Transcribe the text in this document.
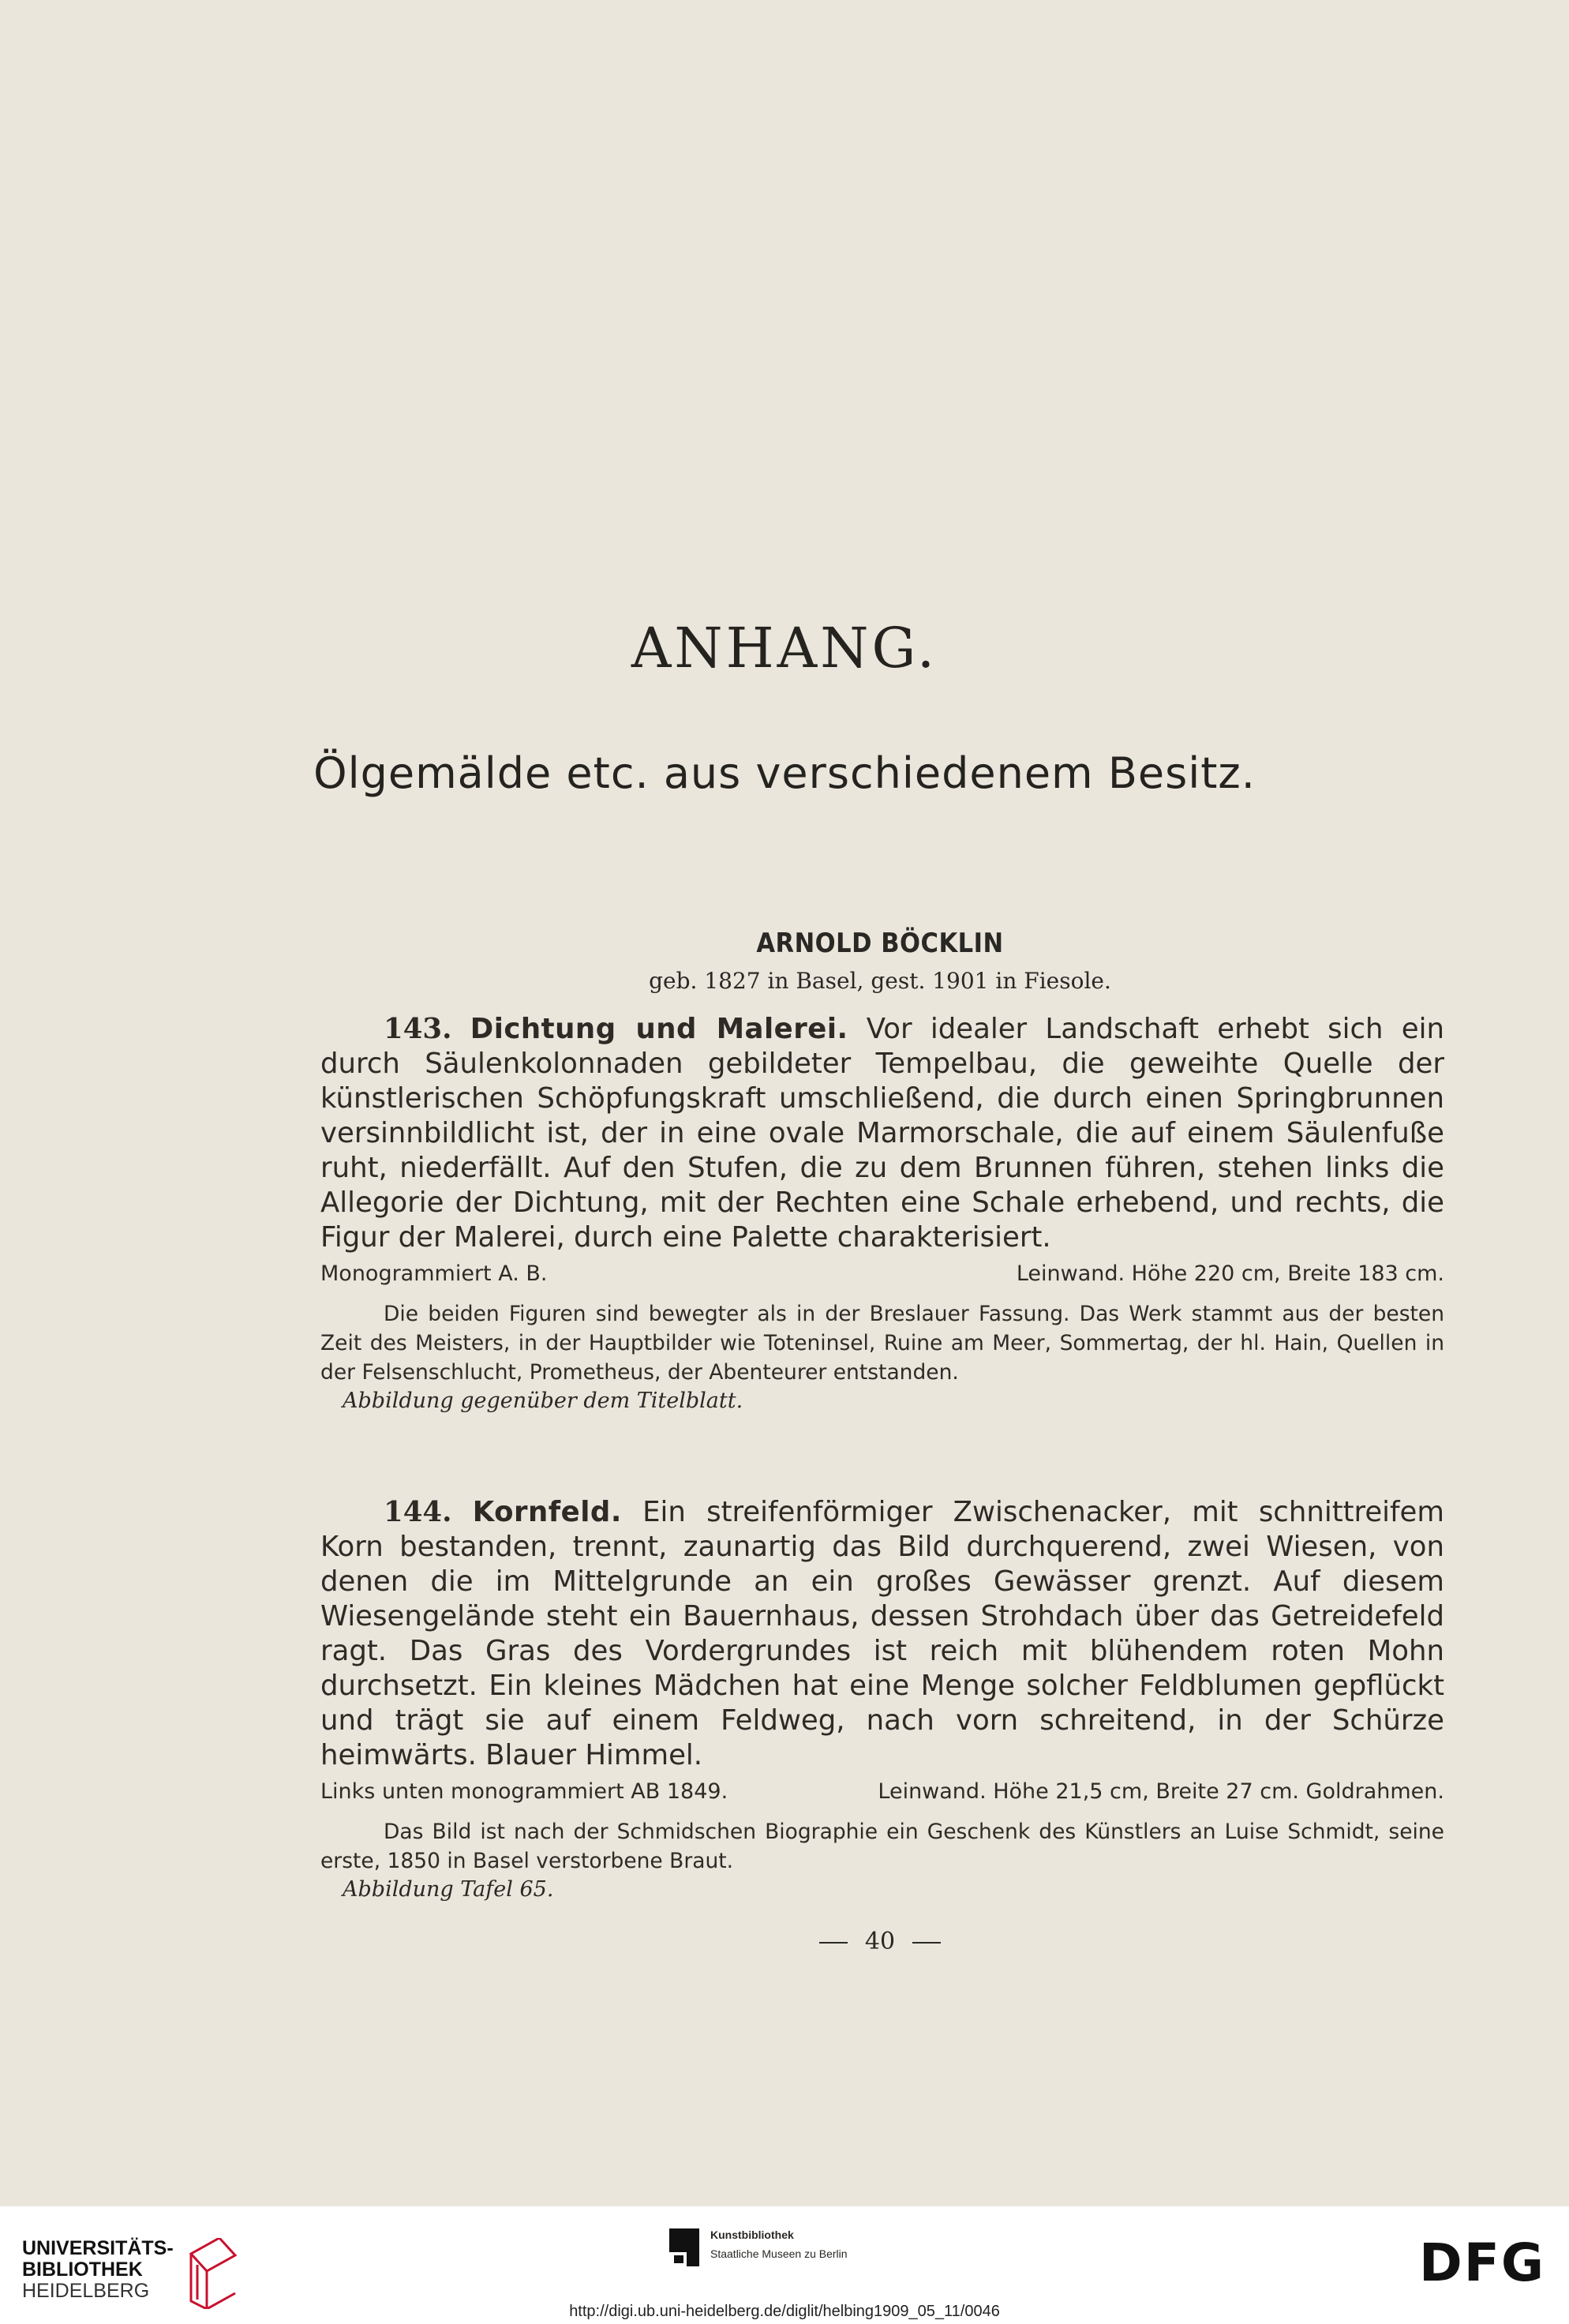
ANHANG.
Ölgemälde etc. aus verschiedenem Besitz.
ARNOLD BÖCKLIN
geb. 1827 in Basel, gest. 1901 in Fiesole.
143. Dichtung und Malerei. Vor idealer Landschaft erhebt sich ein durch Säulenkolonnaden gebildeter Tempelbau, die geweihte Quelle der künstlerischen Schöpfungskraft umschließend, die durch einen Springbrunnen versinnbildlicht ist, der in eine ovale Marmorschale, die auf einem Säulenfuße ruht, niederfällt. Auf den Stufen, die zu dem Brunnen führen, stehen links die Allegorie der Dichtung, mit der Rechten eine Schale erhebend, und rechts, die Figur der Malerei, durch eine Palette charakterisiert.
Monogrammiert A. B.	Leinwand. Höhe 220 cm, Breite 183 cm.
Die beiden Figuren sind bewegter als in der Breslauer Fassung. Das Werk stammt aus der besten Zeit des Meisters, in der Hauptbilder wie Toteninsel, Ruine am Meer, Sommertag, der hl. Hain, Quellen in der Felsenschlucht, Prometheus, der Abenteurer entstanden.
Abbildung gegenüber dem Titelblatt.
144. Kornfeld. Ein streifenförmiger Zwischenacker, mit schnittreifem Korn bestanden, trennt, zaunartig das Bild durchquerend, zwei Wiesen, von denen die im Mittelgrunde an ein großes Gewässer grenzt. Auf diesem Wiesengelände steht ein Bauernhaus, dessen Strohdach über das Getreidefeld ragt. Das Gras des Vordergrundes ist reich mit blühendem roten Mohn durchsetzt. Ein kleines Mädchen hat eine Menge solcher Feldblumen gepflückt und trägt sie auf einem Feldweg, nach vorn schreitend, in der Schürze heimwärts. Blauer Himmel.
Links unten monogrammiert AB 1849.	Leinwand. Höhe 21,5 cm, Breite 27 cm. Goldrahmen.
Das Bild ist nach der Schmidschen Biographie ein Geschenk des Künstlers an Luise Schmidt, seine erste, 1850 in Basel verstorbene Braut.
Abbildung Tafel 65.
40
UNIVERSITÄTS-
BIBLIOTHEK
HEIDELBERG
Kunstbibliothek
Staatliche Museen zu Berlin	DFG
http://digi.ub.uni-heidelberg.de/diglit/helbing1909_05_11/0046
